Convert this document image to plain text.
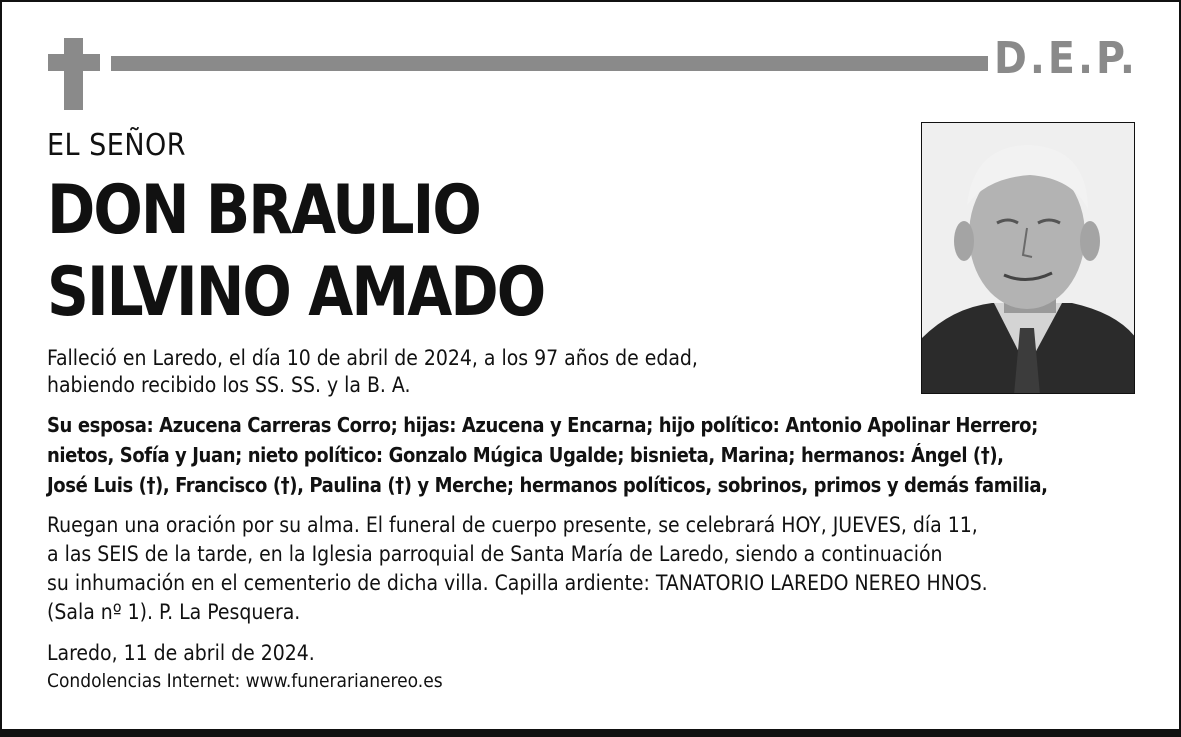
D.E.P.
EL SEÑOR
DON BRAULIO
SILVINO AMADO
Falleció en Laredo, el día 10 de abril de 2024, a los 97 años de edad,
habiendo recibido los SS. SS. y la B. A.
Su esposa: Azucena Carreras Corro; hijas: Azucena y Encarna; hijo político: Antonio Apolinar Herrero;
nietos, Sofía y Juan; nieto político: Gonzalo Múgica Ugalde; bisnieta, Marina; hermanos: Ángel (†),
José Luis (†), Francisco (†), Paulina (†) y Merche; hermanos políticos, sobrinos, primos y demás familia,
Ruegan una oración por su alma. El funeral de cuerpo presente, se celebrará HOY, JUEVES, día 11,
a las SEIS de la tarde, en la Iglesia parroquial de Santa María de Laredo, siendo a continuación
su inhumación en el cementerio de dicha villa. Capilla ardiente: TANATORIO LAREDO NEREO HNOS.
(Sala nº 1). P. La Pesquera.
Laredo, 11 de abril de 2024.
Condolencias Internet: www.funerarianereo.es
